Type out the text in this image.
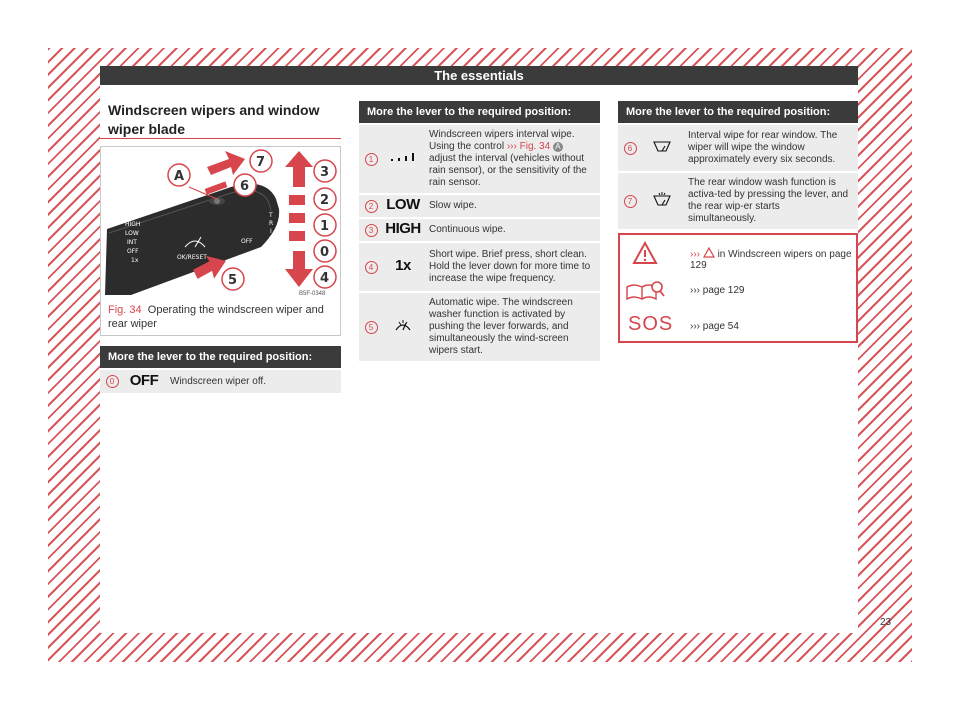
The essentials
Windscreen wipers and window wiper blade
HIGH
LOW
INT
OFF
1x	OK/RESET
OFF
T
R
I
P
A
7
6
3
2
1
0
4
5
B5F-0348
Fig. 34 Operating the windscreen wiper and rear wiper
More the lever to the required position:
0	OFF	Windscreen wiper off.
More the lever to the required position:		
1		Windscreen wipers interval wipe. Using the control ››› Fig. 34 A adjust the interval (vehicles without rain sensor), or the sensitivity of the rain sensor.
2	LOW	Slow wipe.
3	HIGH	Continuous wipe.
4	1x	Short wipe. Brief press, short clean. Hold the lever down for more time to increase the wipe frequency.
5		Automatic wipe. The windscreen washer function is activated by pushing the lever forwards, and simultaneously the wind-screen wipers start.
More the lever to the required position:		
6		Interval wipe for rear window. The wiper will wipe the window approximately every six seconds.
7		The rear window wash function is activa-ted by pressing the lever, and the rear wip-er starts simultaneously.
››› in Windscreen wipers on page 129
››› page 129
SOS ››› page 54
23
